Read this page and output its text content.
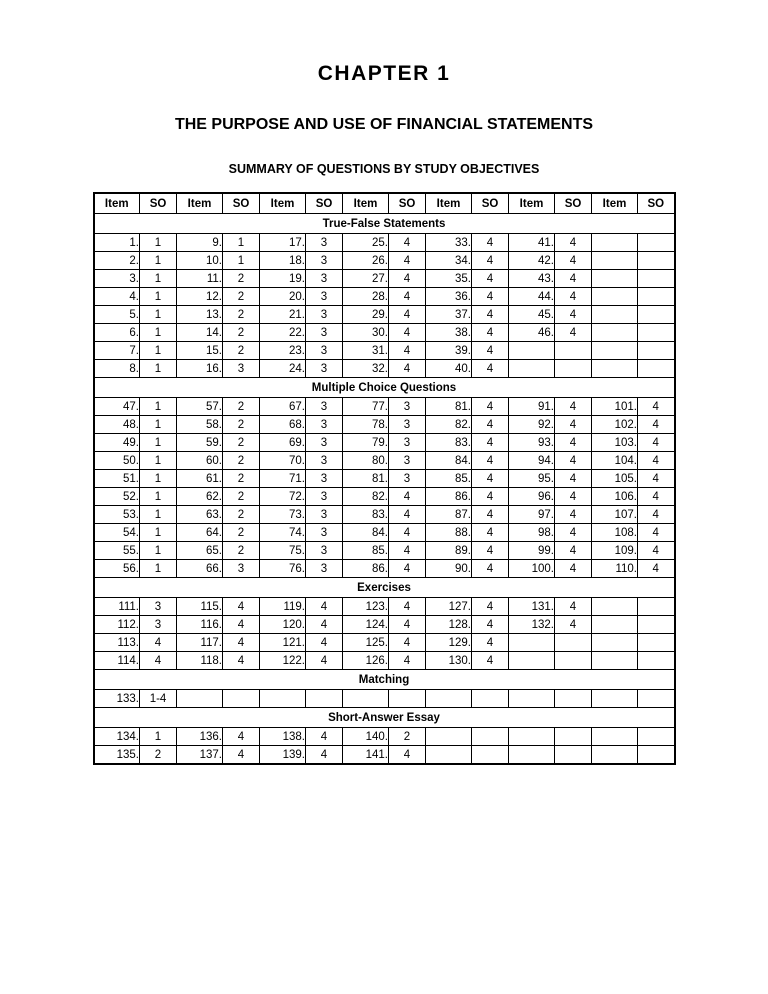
CHAPTER 1
THE PURPOSE AND USE OF FINANCIAL STATEMENTS
SUMMARY OF QUESTIONS BY STUDY OBJECTIVES
Item	SO	Item	SO	Item	SO	Item	SO	Item	SO	Item	SO	Item	SO
True-False Statements													
1.	1	9.	1	17.	3	25.	4	33.	4	41.	4		
2.	1	10.	1	18.	3	26.	4	34.	4	42.	4		
3.	1	11.	2	19.	3	27.	4	35.	4	43.	4		
4.	1	12.	2	20.	3	28.	4	36.	4	44.	4		
5.	1	13.	2	21.	3	29.	4	37.	4	45.	4		
6.	1	14.	2	22.	3	30.	4	38.	4	46.	4		
7.	1	15.	2	23.	3	31.	4	39.	4				
8.	1	16.	3	24.	3	32.	4	40.	4				
Multiple Choice Questions													
47.	1	57.	2	67.	3	77.	3	81.	4	91.	4	101.	4
48.	1	58.	2	68.	3	78.	3	82.	4	92.	4	102.	4
49.	1	59.	2	69.	3	79.	3	83.	4	93.	4	103.	4
50.	1	60.	2	70.	3	80.	3	84.	4	94.	4	104.	4
51.	1	61.	2	71.	3	81.	3	85.	4	95.	4	105.	4
52.	1	62.	2	72.	3	82.	4	86.	4	96.	4	106.	4
53.	1	63.	2	73.	3	83.	4	87.	4	97.	4	107.	4
54.	1	64.	2	74.	3	84.	4	88.	4	98.	4	108.	4
55.	1	65.	2	75.	3	85.	4	89.	4	99.	4	109.	4
56.	1	66.	3	76.	3	86.	4	90.	4	100.	4	110.	4
Exercises													
111.	3	115.	4	119.	4	123.	4	127.	4	131.	4		
112.	3	116.	4	120.	4	124.	4	128.	4	132.	4		
113.	4	117.	4	121.	4	125.	4	129.	4				
114.	4	118.	4	122.	4	126.	4	130.	4				
Matching													
133.	1-4												
Short-Answer Essay													
134.	1	136.	4	138.	4	140.	2						
135.	2	137.	4	139.	4	141.	4						
